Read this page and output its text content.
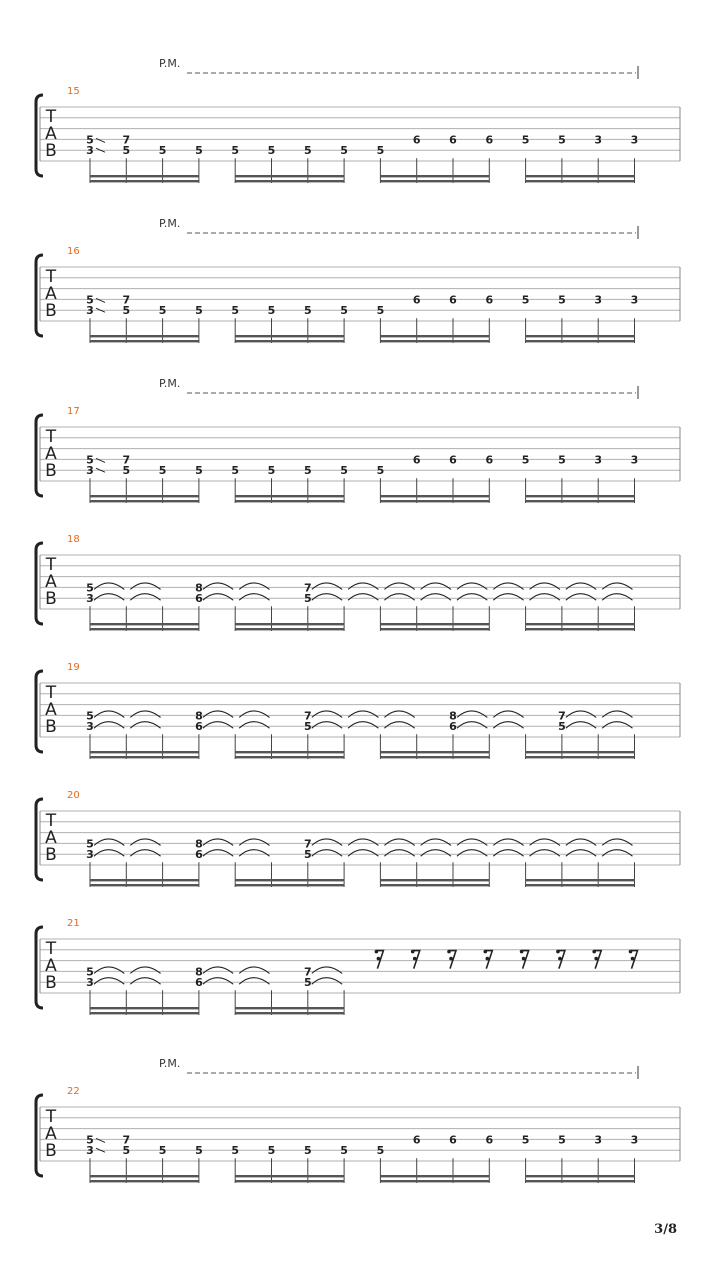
T
A
B
15
P.M.
5	7
3	5	5	5	5	5	5	5	5
6	6	6	5	5	3	3
T
A
B
16
P.M.
5	7
3	5	5	5	5	5	5	5	5
6	6	6	5	5	3	3
T
A
B
17
P.M.
5	7
3	5	5	5	5	5	5	5	5
6	6	6	5	5	3	3
T
A
B
18
5
3
8
6
7
5
T
A
B
19
5
3
8
6
7
5
8
6
7
5
T
A
B
20
5
3
8
6
7
5
T
A
B
21
5
3
8
6
7
5
T
A
B
22
P.M.
5	7
3	5	5	5	5	5	5	5	5
6	6	6	5	5	3	3
3/8
